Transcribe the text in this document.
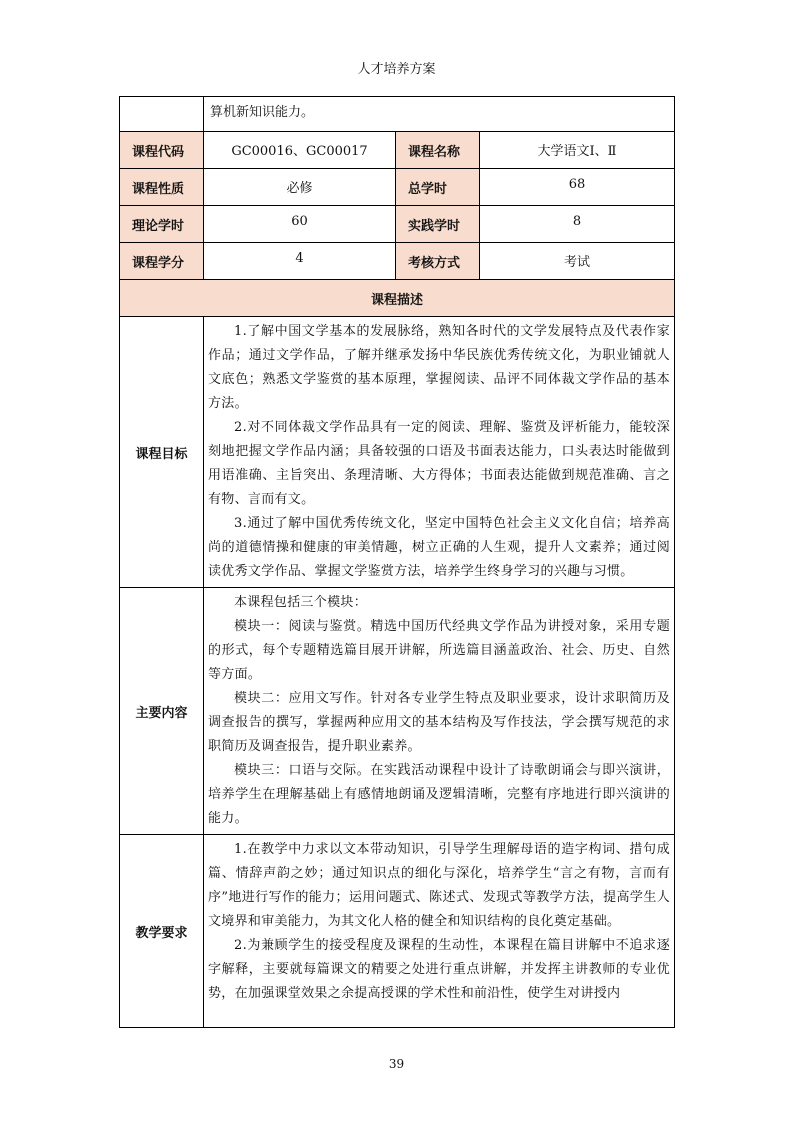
人才培养方案
	算机新知识能力。		
课程代码	GC00016、GC00017	课程名称	大学语文Ⅰ、Ⅱ
课程性质	必修	总学时	68
理论学时	60	实践学时	8
课程学分	4	考核方式	考试
课程描述			
课程目标	1.了解中国文学基本的发展脉络，熟知各时代的文学发展特点及代表作家作品；通过文学作品，了解并继承发扬中华民族优秀传统文化，为职业铺就人文底色；熟悉文学鉴赏的基本原理，掌握阅读、品评不同体裁文学作品的基本方法。

2.对不同体裁文学作品具有一定的阅读、理解、鉴赏及评析能力，能较深刻地把握文学作品内涵；具备较强的口语及书面表达能力，口头表达时能做到用语准确、主旨突出、条理清晰、大方得体；书面表达能做到规范准确、言之有物、言而有文。

3.通过了解中国优秀传统文化，坚定中国特色社会主义文化自信；培养高尚的道德情操和健康的审美情趣，树立正确的人生观，提升人文素养；通过阅读优秀文学作品、掌握文学鉴赏方法，培养学生终身学习的兴趣与习惯。		

主要内容	本课程包括三个模块：

模块一：阅读与鉴赏。精选中国历代经典文学作品为讲授对象，采用专题的形式，每个专题精选篇目展开讲解，所选篇目涵盖政治、社会、历史、自然等方面。

模块二：应用文写作。针对各专业学生特点及职业要求，设计求职简历及调查报告的撰写，掌握两种应用文的基本结构及写作技法，学会撰写规范的求职简历及调查报告，提升职业素养。

模块三：口语与交际。在实践活动课程中设计了诗歌朗诵会与即兴演讲，培养学生在理解基础上有感情地朗诵及逻辑清晰，完整有序地进行即兴演讲的能力。		

教学要求	1.在教学中力求以文本带动知识，引导学生理解母语的造字构词、措句成篇、情辞声韵之妙；通过知识点的细化与深化，培养学生“言之有物，言而有序”地进行写作的能力；运用问题式、陈述式、发现式等教学方法，提高学生人文境界和审美能力，为其文化人格的健全和知识结构的良化奠定基础。

2.为兼顾学生的接受程度及课程的生动性，本课程在篇目讲解中不追求逐字解释，主要就每篇课文的精要之处进行重点讲解，并发挥主讲教师的专业优势，在加强课堂效果之余提高授课的学术性和前沿性，使学生对讲授内		

39
